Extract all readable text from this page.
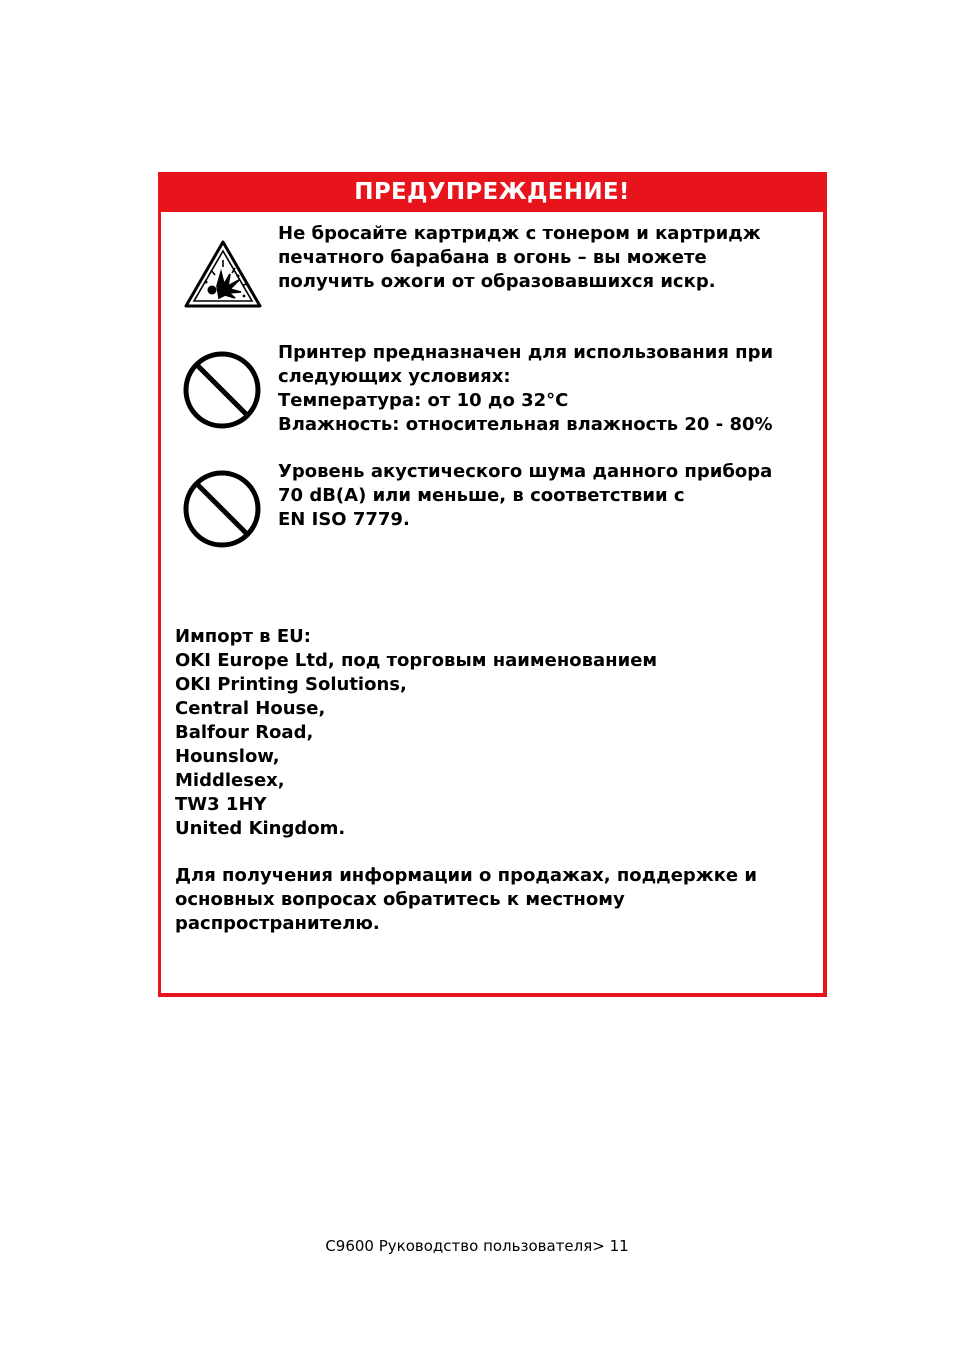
ПРЕДУПРЕЖДЕНИЕ!
Не бросайте картридж с тонером и картридж
печатного барабана в огонь – вы можете
получить ожоги от образовавшихся искр.
Принтер предназначен для использования при
следующих условиях:
Температура: от 10 до 32°C
Влажность: относительная влажность 20 - 80%
Уровень акустического шума данного прибора
70 dB(A) или меньше, в соответствии с
EN ISO 7779.
Импорт в EU:
OKI Europe Ltd, под торговым наименованием
OKI Printing Solutions,
Central House,
Balfour Road,
Hounslow,
Middlesex,
TW3 1HY
United Kingdom.
Для получения информации о продажах, поддержке и
основных вопросах обратитесь к местному
распространителю.
C9600 Руководство пользователя> 11
